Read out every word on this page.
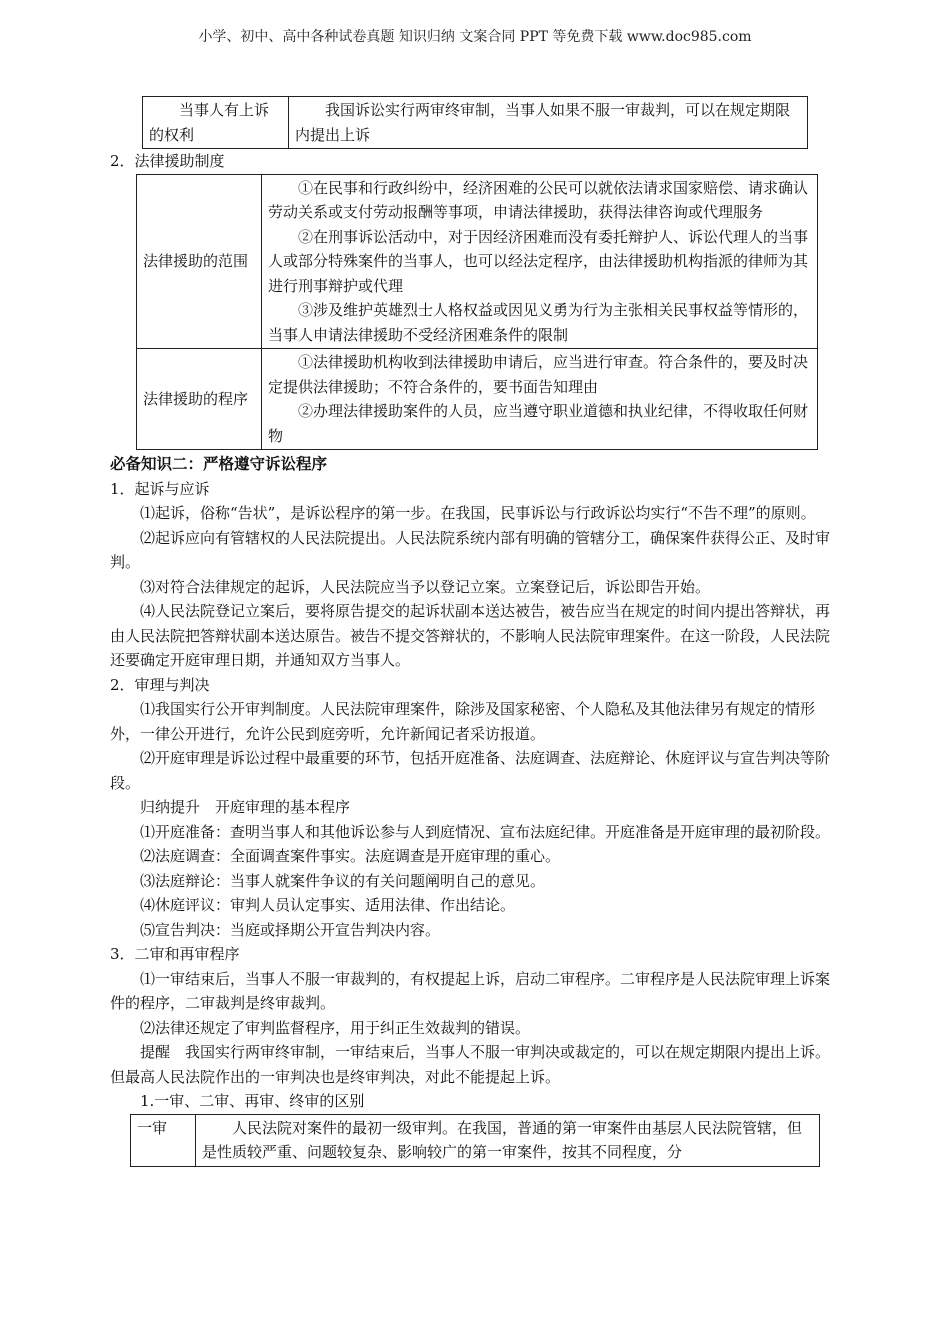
小学、初中、高中各种试卷真题 知识归纳 文案合同 PPT 等免费下载 www.doc985.com
当事人有上诉的权利	我国诉讼实行两审终审制，当事人如果不服一审裁判，可以在规定期限内提出上诉

2．法律援助制度

法律援助的范围	①在民事和行政纠纷中，经济困难的公民可以就依法请求国家赔偿、请求确认劳动关系或支付劳动报酬等事项，申请法律援助，获得法律咨询或代理服务

②在刑事诉讼活动中，对于因经济困难而没有委托辩护人、诉讼代理人的当事人或部分特殊案件的当事人，也可以经法定程序，由法律援助机构指派的律师为其进行刑事辩护或代理

③涉及维护英雄烈士人格权益或因见义勇为行为主张相关民事权益等情形的，当事人申请法律援助不受经济困难条件的限制

法律援助的程序	①法律援助机构收到法律援助申请后，应当进行审查。符合条件的，要及时决定提供法律援助；不符合条件的，要书面告知理由

②办理法律援助案件的人员，应当遵守职业道德和执业纪律，不得收取任何财物

必备知识二：严格遵守诉讼程序

1．起诉与应诉

⑴起诉，俗称“告状”，是诉讼程序的第一步。在我国，民事诉讼与行政诉讼均实行“不告不理”的原则。

⑵起诉应向有管辖权的人民法院提出。人民法院系统内部有明确的管辖分工，确保案件获得公正、及时审判。

⑶对符合法律规定的起诉，人民法院应当予以登记立案。立案登记后，诉讼即告开始。

⑷人民法院登记立案后，要将原告提交的起诉状副本送达被告，被告应当在规定的时间内提出答辩状，再由人民法院把答辩状副本送达原告。被告不提交答辩状的，不影响人民法院审理案件。在这一阶段，人民法院还要确定开庭审理日期，并通知双方当事人。

2．审理与判决

⑴我国实行公开审判制度。人民法院审理案件，除涉及国家秘密、个人隐私及其他法律另有规定的情形外，一律公开进行，允许公民到庭旁听，允许新闻记者采访报道。

⑵开庭审理是诉讼过程中最重要的环节，包括开庭准备、法庭调查、法庭辩论、休庭评议与宣告判决等阶段。

归纳提升　开庭审理的基本程序

⑴开庭准备：查明当事人和其他诉讼参与人到庭情况、宣布法庭纪律。开庭准备是开庭审理的最初阶段。

⑵法庭调查：全面调查案件事实。法庭调查是开庭审理的重心。

⑶法庭辩论：当事人就案件争议的有关问题阐明自己的意见。

⑷休庭评议：审判人员认定事实、适用法律、作出结论。

⑸宣告判决：当庭或择期公开宣告判决内容。

3．二审和再审程序

⑴一审结束后，当事人不服一审裁判的，有权提起上诉，启动二审程序。二审程序是人民法院审理上诉案件的程序，二审裁判是终审裁判。

⑵法律还规定了审判监督程序，用于纠正生效裁判的错误。

提醒　我国实行两审终审制，一审结束后，当事人不服一审判决或裁定的，可以在规定期限内提出上诉。但最高人民法院作出的一审判决也是终审判决，对此不能提起上诉。

1.一审、二审、再审、终审的区别

一审	人民法院对案件的最初一级审判。在我国，普通的第一审案件由基层人民法院管辖，但是性质较严重、问题较复杂、影响较广的第一审案件，按其不同程度，分
